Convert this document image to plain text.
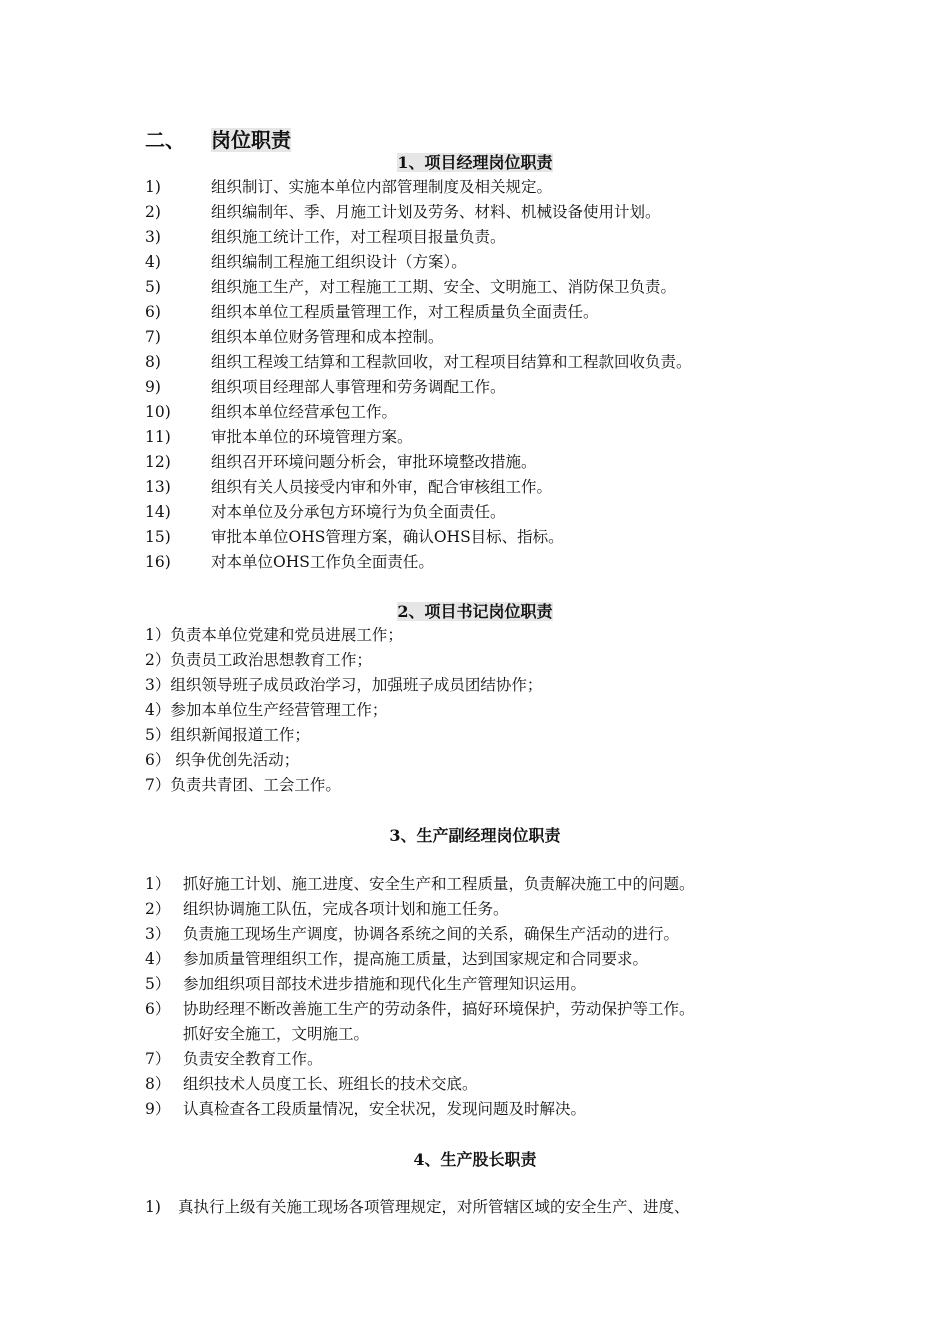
二、 岗位职责
1、项目经理岗位职责
1)	组织制订、实施本单位内部管理制度及相关规定。
2)	组织编制年、季、月施工计划及劳务、材料、机械设备使用计划。
3)	组织施工统计工作，对工程项目报量负责。
4)	组织编制工程施工组织设计（方案）。
5)	组织施工生产，对工程施工工期、安全、文明施工、消防保卫负责。
6)	组织本单位工程质量管理工作，对工程质量负全面责任。
7)	组织本单位财务管理和成本控制。
8)	组织工程竣工结算和工程款回收，对工程项目结算和工程款回收负责。
9)	组织项目经理部人事管理和劳务调配工作。
10)	组织本单位经营承包工作。
11)	审批本单位的环境管理方案。
12)	组织召开环境问题分析会，审批环境整改措施。
13)	组织有关人员接受内审和外审，配合审核组工作。
14)	对本单位及分承包方环境行为负全面责任。
15)	审批本单位OHS管理方案，确认OHS目标、指标。
16)	对本单位OHS工作负全面责任。
2、项目书记岗位职责
1）负责本单位党建和党员进展工作；
2）负责员工政治思想教育工作；
3）组织领导班子成员政治学习，加强班子成员团结协作；
4）参加本单位生产经营管理工作；
5）组织新闻报道工作；
6） 织争优创先活动；
7）负责共青团、工会工作。
3、生产副经理岗位职责
1） 抓好施工计划、施工进度、安全生产和工程质量，负责解决施工中的问题。
2） 组织协调施工队伍，完成各项计划和施工任务。
3） 负责施工现场生产调度，协调各系统之间的关系，确保生产活动的进行。
4） 参加质量管理组织工作，提高施工质量，达到国家规定和合同要求。
5） 参加组织项目部技术进步措施和现代化生产管理知识运用。
6） 协助经理不断改善施工生产的劳动条件，搞好环境保护，劳动保护等工作。
抓好安全施工，文明施工。
7） 负责安全教育工作。
8） 组织技术人员度工长、班组长的技术交底。
9） 认真检查各工段质量情况，安全状况，发现问题及时解决。
4、生产股长职责
1) 真执行上级有关施工现场各项管理规定，对所管辖区域的安全生产、进度、
